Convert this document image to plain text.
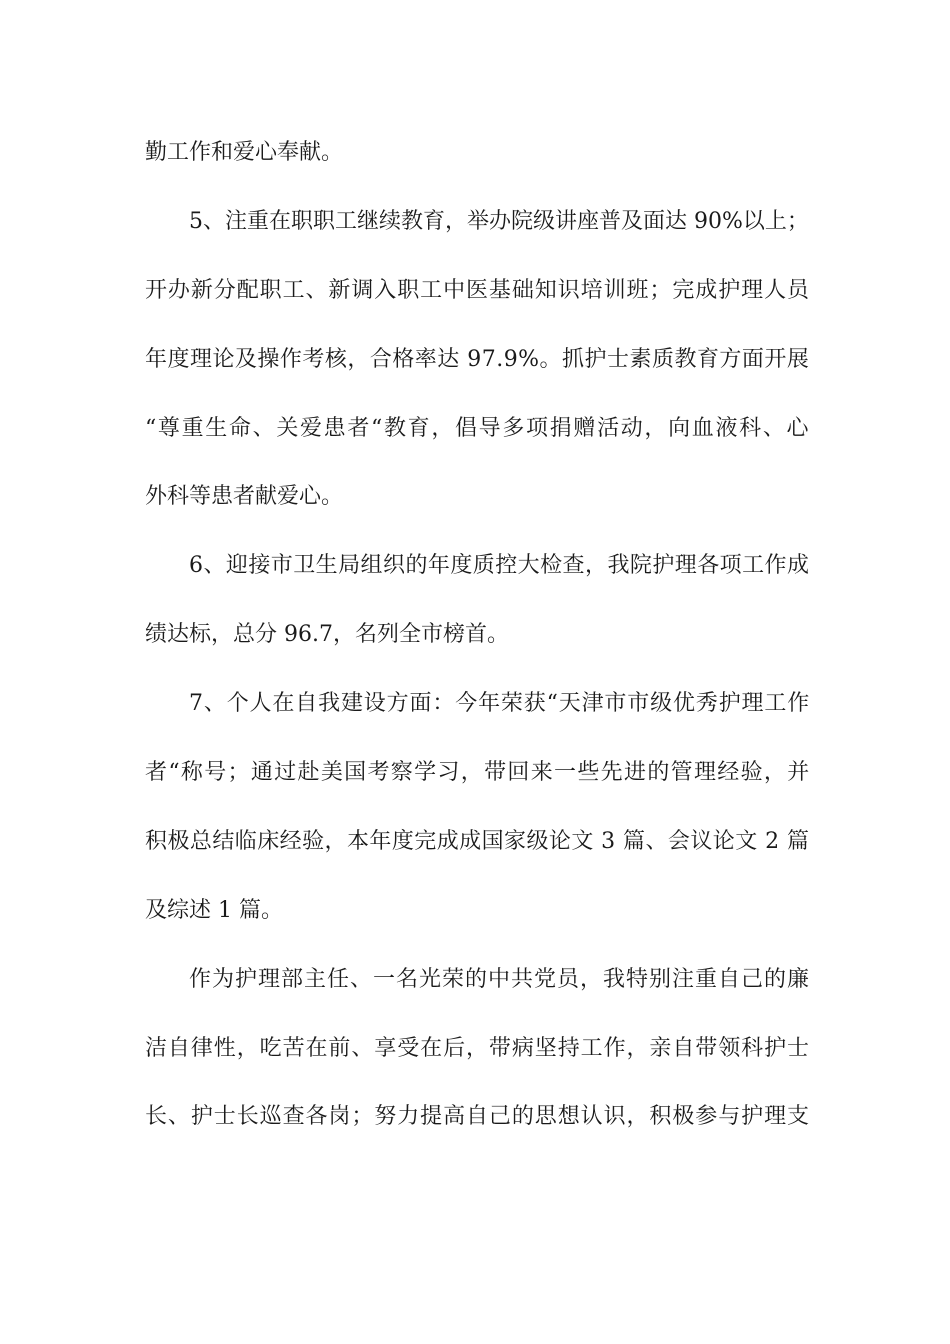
勤工作和爱心奉献。
5、注重在职职工继续教育，举办院级讲座普及面达 90%以上；
开办新分配职工、新调入职工中医基础知识培训班；完成护理人员
年度理论及操作考核，合格率达 97.9%。抓护士素质教育方面开展
“尊重生命、关爱患者“教育，倡导多项捐赠活动，向血液科、心
外科等患者献爱心。
6、迎接市卫生局组织的年度质控大检查，我院护理各项工作成
绩达标，总分 96.7，名列全市榜首。
7、个人在自我建设方面：今年荣获“天津市市级优秀护理工作
者“称号；通过赴美国考察学习，带回来一些先进的管理经验，并
积极总结临床经验，本年度完成成国家级论文 3 篇、会议论文 2 篇
及综述 1 篇。
作为护理部主任、一名光荣的中共党员，我特别注重自己的廉
洁自律性，吃苦在前、享受在后，带病坚持工作，亲自带领科护士
长、护士长巡查各岗；努力提高自己的思想认识，积极参与护理支
